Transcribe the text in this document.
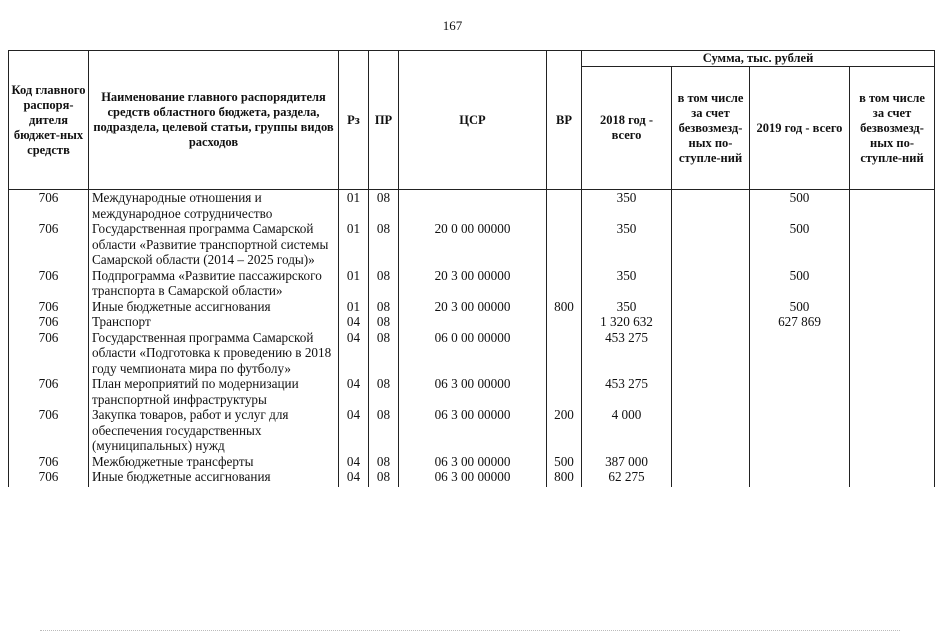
167
Код главного распоря-дителя бюджет-ных средств	Наименование главного распорядителя средств областного бюджета, раздела, подраздела, целевой статьи, группы видов расходов	Рз	ПР	ЦСР	ВР	Сумма, тыс. рублей			
						2018 год - всего	в том числе за счет безвозмезд-ных по-ступле-ний	2019 год - всего	в том числе за счет безвозмезд-ных по-ступле-ний
706	Международные отношения и международное сотрудничество	01	08			350		500	
706	Государственная программа Самарской области «Развитие транспортной системы Самарской области (2014 – 2025 годы)»	01	08	20 0 00 00000		350		500	
706	Подпрограмма «Развитие пассажирского транспорта в Самарской области»	01	08	20 3 00 00000		350		500	
706	Иные бюджетные ассигнования	01	08	20 3 00 00000	800	350		500	
706	Транспорт	04	08			1 320 632		627 869	
706	Государственная программа Самарской области «Подготовка к проведению в 2018 году чемпионата мира по футболу»	04	08	06 0 00 00000		453 275			
706	План мероприятий по модернизации транспортной инфраструктуры	04	08	06 3 00 00000		453 275			
706	Закупка товаров, работ и услуг для обеспечения государственных (муниципальных) нужд	04	08	06 3 00 00000	200	4 000			
706	Межбюджетные трансферты	04	08	06 3 00 00000	500	387 000			
706	Иные бюджетные ассигнования	04	08	06 3 00 00000	800	62 275			
